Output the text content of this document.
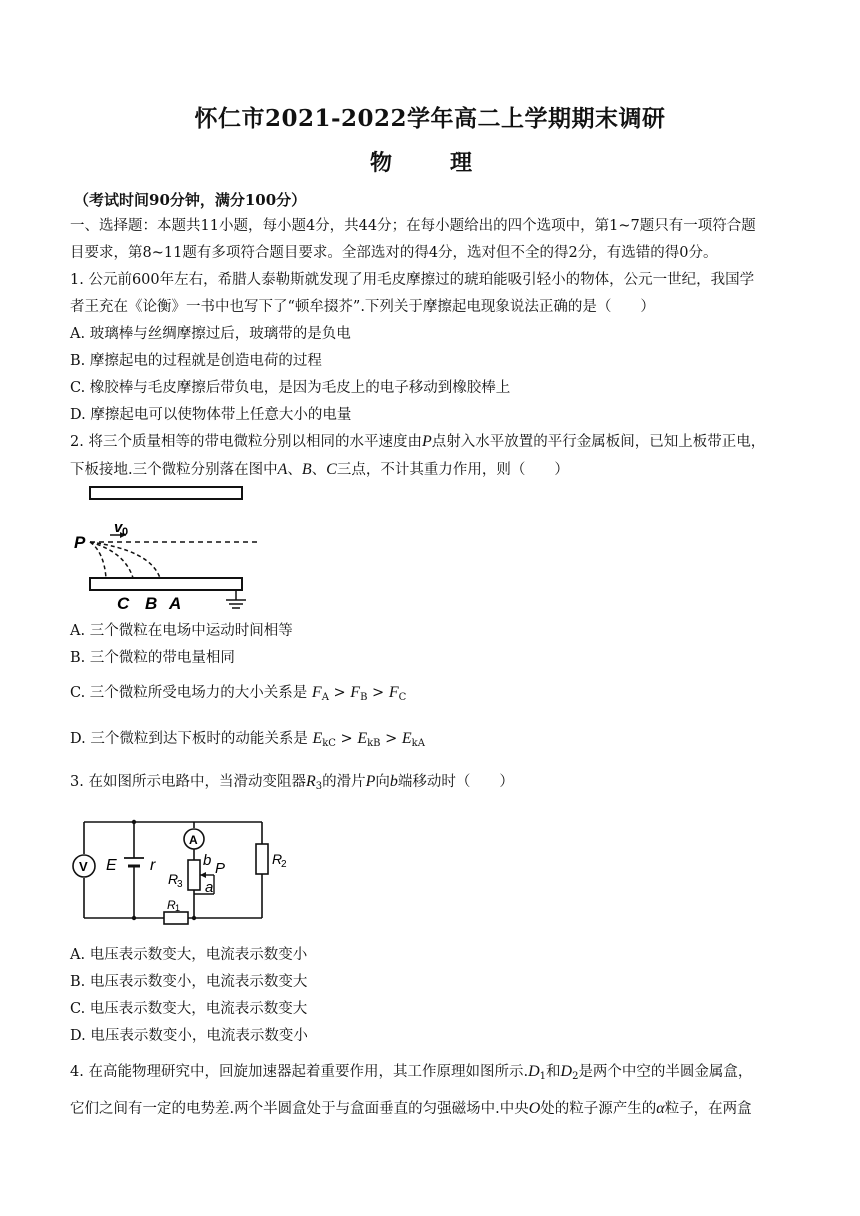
怀仁市2021-2022学年高二上学期期末调研
物　理
（考试时间90分钟，满分100分）
一、选择题：本题共11小题，每小题4分，共44分；在每小题给出的四个选项中，第1~7题只有一项符合题
目要求，第8~11题有多项符合题目要求。全部选对的得4分，选对但不全的得2分，有选错的得0分。
1. 公元前600年左右，希腊人泰勒斯就发现了用毛皮摩擦过的琥珀能吸引轻小的物体，公元一世纪，我国学
者王充在《论衡》一书中也写下了“顿牟掇芥”.下列关于摩擦起电现象说法正确的是（　　）
A. 玻璃棒与丝绸摩擦过后，玻璃带的是负电
B. 摩擦起电的过程就是创造电荷的过程
C. 橡胶棒与毛皮摩擦后带负电，是因为毛皮上的电子移动到橡胶棒上
D. 摩擦起电可以使物体带上任意大小的电量
2. 将三个质量相等的带电微粒分别以相同的水平速度由P点射入水平放置的平行金属板间，已知上板带正电，
下板接地.三个微粒分别落在图中A、B、C三点，不计其重力作用，则（　　）
P
v 0
C B A
A. 三个微粒在电场中运动时间相等
B. 三个微粒的带电量相同
C. 三个微粒所受电场力的大小关系是 $F_A > F_B > F_C$
D. 三个微粒到达下板时的动能关系是 $E_{kC} > E_{kB} > E_{kA}$
3. 在如图所示电路中，当滑动变阻器$R_3$的滑片P向b端移动时（　　）
V E r
R 1
A
R
3
b P
a
R
2
A. 电压表示数变大，电流表示数变小
B. 电压表示数变小，电流表示数变大
C. 电压表示数变大，电流表示数变大
D. 电压表示数变小，电流表示数变小
4. 在高能物理研究中，回旋加速器起着重要作用，其工作原理如图所示$.D_1$和$D_2$是两个中空的半圆金属盒，
它们之间有一定的电势差.两个半圆盒处于与盒面垂直的匀强磁场中.中央O处的粒子源产生的α粒子，在两盒
